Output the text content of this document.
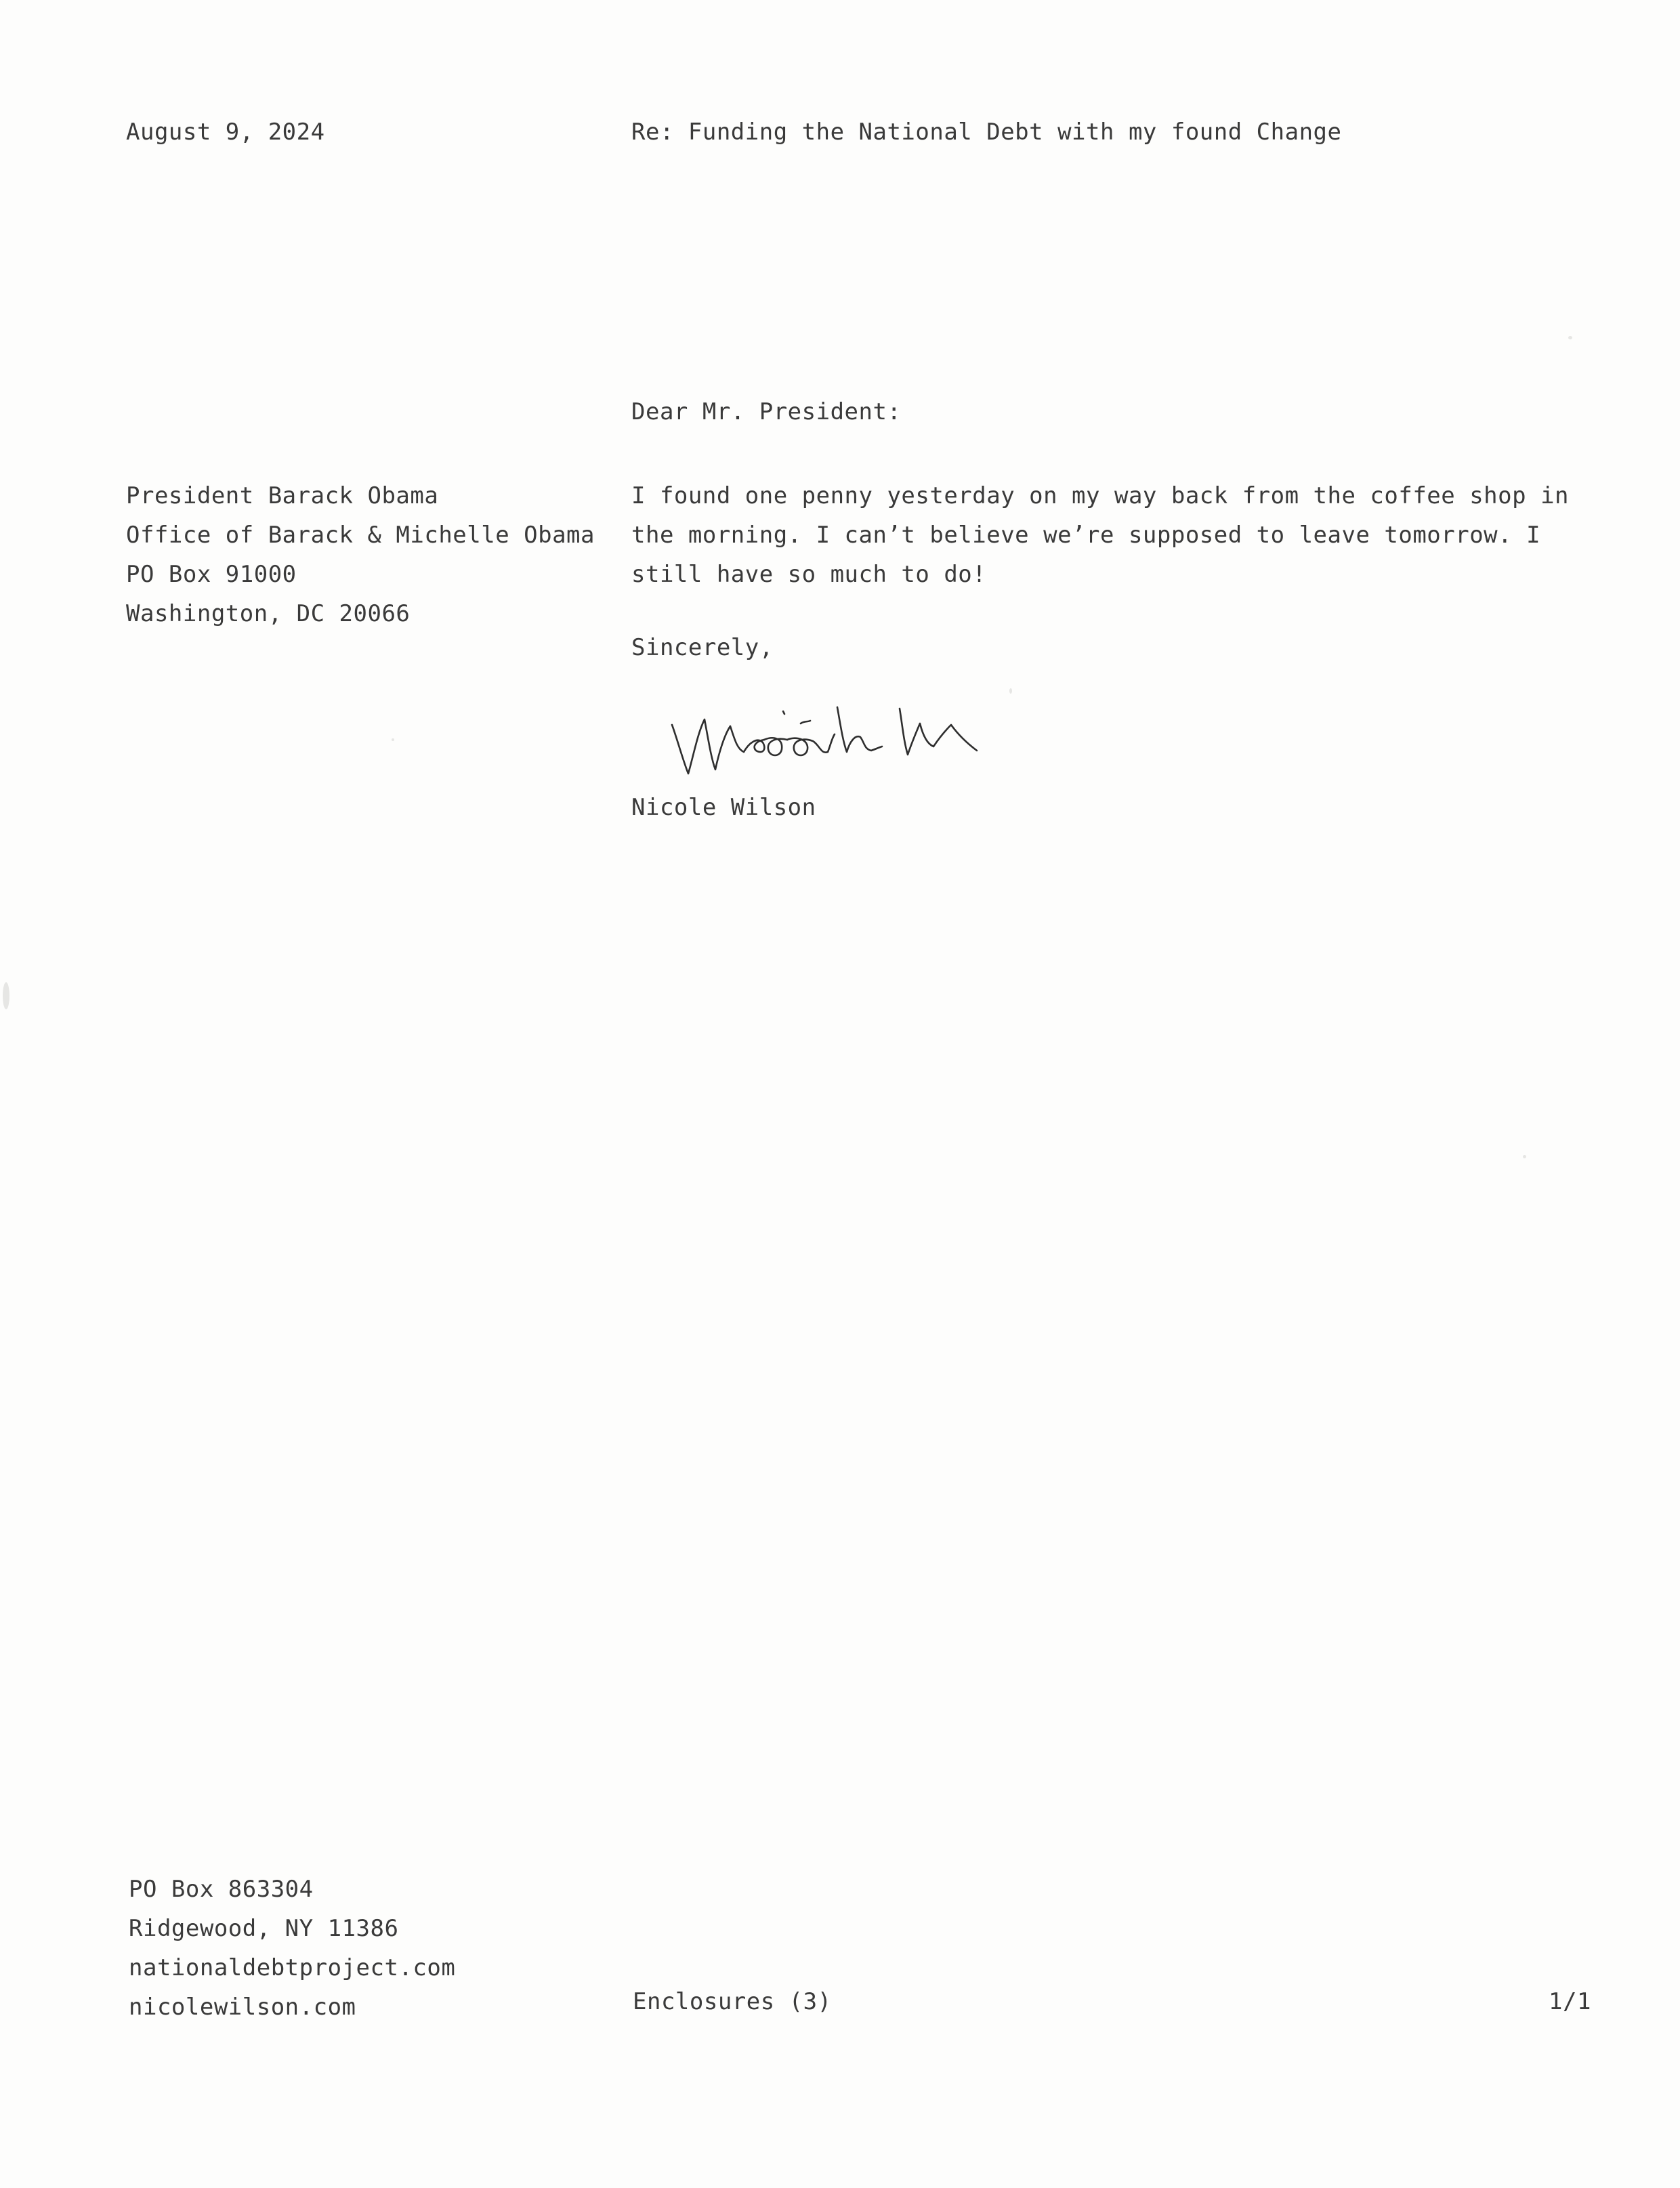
August 9, 2024	Re: Funding the National Debt with my found Change
Dear Mr. President:
President Barack Obama
Office of Barack & Michelle Obama
PO Box 91000
Washington, DC 20066
I found one penny yesterday on my way back from the coffee shop in
the morning. I can’t believe we’re supposed to leave tomorrow. I
still have so much to do!
Sincerely,
Nicole Wilson
PO Box 863304
Ridgewood, NY 11386
nationaldebtproject.com
nicolewilson.com	Enclosures (3)	1/1
